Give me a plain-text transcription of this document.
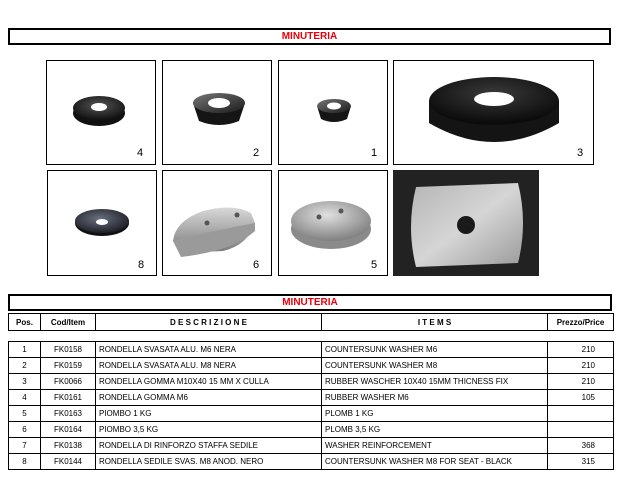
MINUTERIA
4	2	1	3
8	6	5
MINUTERIA
Pos.	Cod/Item	D E S C R I Z I O N E	I T E M S	Prezzo/Price

1	FK0158	RONDELLA SVASATA ALU. M6 NERA	COUNTERSUNK WASHER M6	210
2	FK0159	RONDELLA SVASATA ALU. M8 NERA	COUNTERSUNK WASHER M8	210
3	FK0066	RONDELLA GOMMA M10X40 15 MM X CULLA	RUBBER WASCHER 10X40 15MM THICNESS FIX	210
4	FK0161	RONDELLA GOMMA M6	RUBBER WASHER M6	105
5	FK0163	PIOMBO 1 KG	PLOMB 1 KG	
6	FK0164	PIOMBO 3,5 KG	PLOMB 3,5 KG	
7	FK0138	RONDELLA DI RINFORZO STAFFA SEDILE	WASHER REINFORCEMENT	368
8	FK0144	RONDELLA SEDILE SVAS. M8 ANOD. NERO	COUNTERSUNK WASHER M8 FOR SEAT - BLACK	315
